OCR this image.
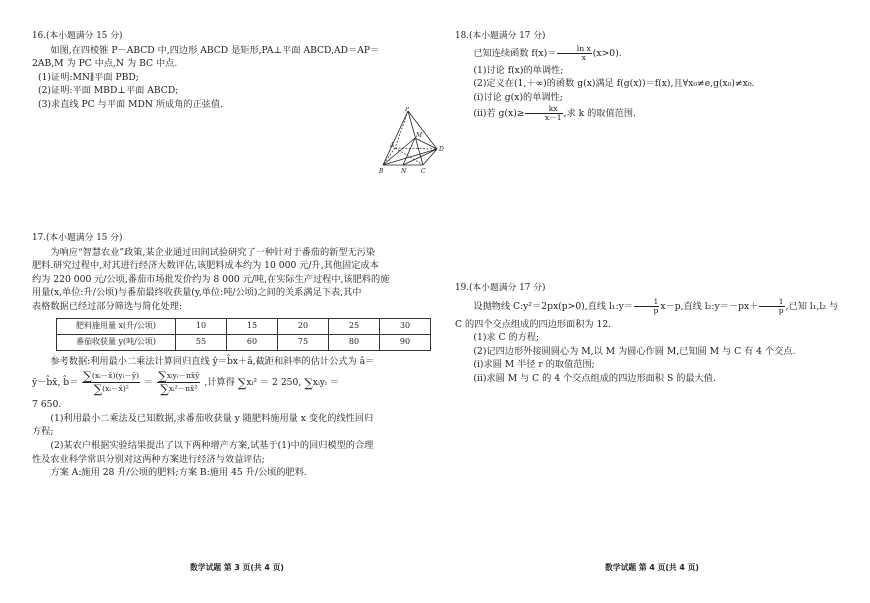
16.(本小题满分 15 分)

如图,在四棱锥 P－ABCD 中,四边形 ABCD 是矩形,PA⊥平面 ABCD,AD＝AP＝

2AB,M 为 PC 中点,N 为 BC 中点.

(1)证明:MN∥平面 PBD;

(2)证明:平面 MBD⊥平面 ABCD;

(3)求直线 PC 与平面 MDN 所成角的正弦值.	P
M
A
D
B	N C

17.(本小题满分 15 分)

为响应“智慧农业”政策,某企业通过田间试验研究了一种针对于番茄的新型无污染

肥料.研究过程中,对其进行经济大数评估,该肥料成本约为 10 000 元/升,其他固定成本

约为 220 000 元/公顷,番茄市场批发价约为 8 000 元/吨,在实际生产过程中,该肥料的施

用量(x,单位:升/公顷)与番茄最终收获量(y,单位:吨/公顷)之间的关系满足下表,其中

表格数据已经过部分筛选与简化处理:

肥料施用量 x(升/公顷)	10	15	20	25	30
番茄收获量 y(吨/公顷)	55	60	75	80	90

参考数据:利用最小二乘法计算回归直线 ŷ＝b̂x＋â,截距和斜率的估计公式为 â＝

ȳ－b̂x̄, b̂＝ $\frac{\text{∑ (xᵢ－x̄)(yᵢ－ȳ)}}{\text{∑ (xᵢ－x̄)²}} = \frac{\text{∑ xᵢyᵢ－nx̄ȳ}}{\text{∑ xᵢ²－nx̄²}}$ ,计算得 ∑ xᵢ² ＝ 2 250, ∑ xᵢyᵢ ＝

7 650.

(1)利用最小二乘法及已知数据,求番茄收获量 y 随肥料施用量 x 变化的线性回归

方程;

(2)某农户根据实验结果提出了以下两种增产方案,试基于(1)中的回归模型的合理

性及农业科学常识分别对这两种方案进行经济与效益评估;

方案 A:施用 28 升/公顷的肥料;方案 B:施用 45 升/公顷的肥料.

数学试题 第 3 页(共 4 页)

18.(本小题满分 17 分)

已知连续函数 $f(x)= \frac{\text{ln x}}{x} (x>0)$.

(1)讨论 f(x)的单调性;

(2)定义在(1,＋∞)的函数 g(x)满足 f(g(x))＝f(x),且∀x₀≠e,g(x₀)≠x₀.

(ⅰ)讨论 g(x)的单调性;

(ⅱ)若 $g(x)\ge \frac{kx}{x-1}$ ,求 k 的取值范围.

19.(本小题满分 17 分)

设抛物线 C:y²＝2px(p>0),直线 l₁:y＝ $\frac{1}{p} x-p$,直线 l₂:y＝－px＋ $\frac{1}{p}$ ,已知 l₁,l₂ 与

C 的四个交点组成的四边形面积为 12.

(1)求 C 的方程;

(2)记四边形外接圆圆心为 M,以 M 为圆心作圆 M,已知圆 M 与 C 有 4 个交点.

(ⅰ)求圆 M 半径 r 的取值范围;

(ⅱ)求圆 M 与 C 的 4 个交点组成的四边形面积 S 的最大值.

数学试题 第 4 页(共 4 页)
